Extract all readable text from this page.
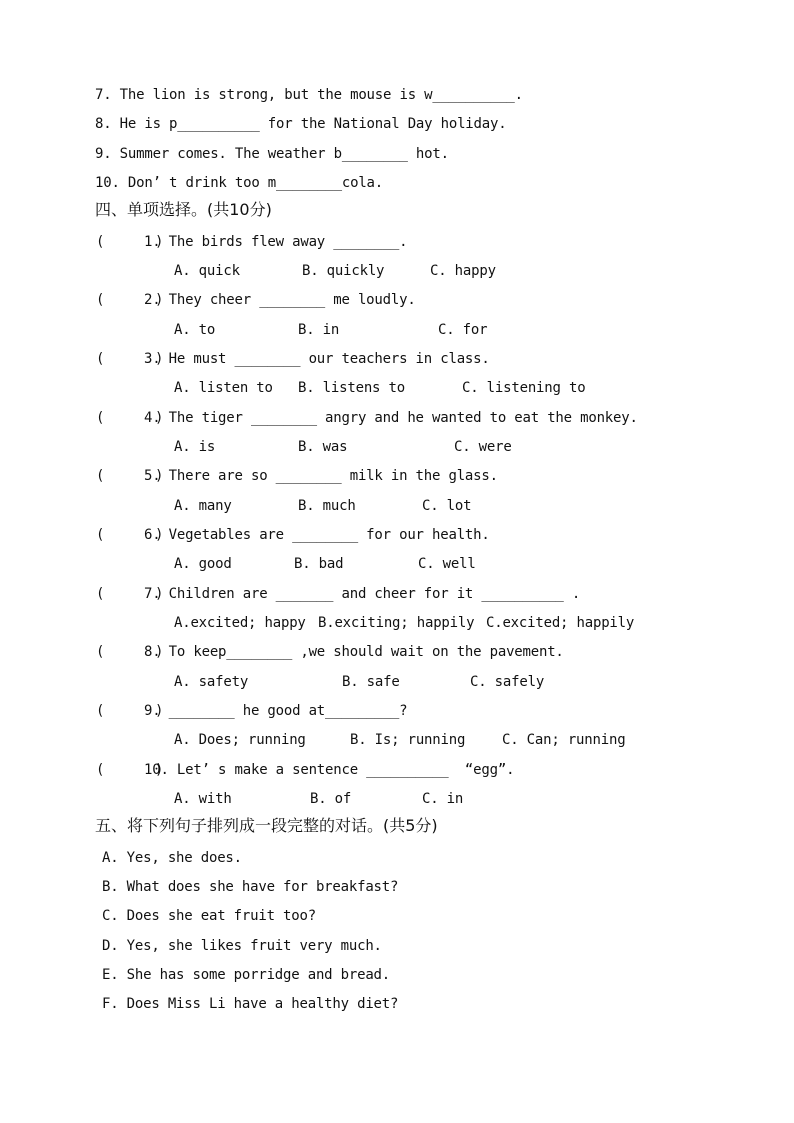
7. The lion is strong, but the mouse is w__________.
8. He is p__________ for the National Day holiday.
9. Summer comes. The weather b________ hot.
10. Don’ t drink too m________cola.
四、单项选择。(共10分)
(      )
1. The birds flew away ________.
A. quick	B. quickly	C. happy
(      )
2. They cheer ________ me loudly.
A. to	B. in	C. for
(      )
3. He must ________ our teachers in class.
A. listen to B. listens to	C. listening to
(      )
4. The tiger ________ angry and he wanted to eat the monkey.
A. is	B. was	C. were
(      )
5. There are so ________ milk in the glass.
A. many	B. much	C. lot
(      )
6. Vegetables are ________ for our health.
A. good	B. bad	C. well
(      )
7. Children are _______ and cheer for it __________ .
A.excited; happy B.exciting; happily C.excited; happily
(      )
8. To keep________ ,we should wait on the pavement.
A. safety	B. safe	C. safely
(      )
9. ________ he good at_________?
A. Does; running	B. Is; running	C. Can; running
(      )
10. Let’ s make a sentence __________  “egg”.
A. with	B. of	C. in
五、将下列句子排列成一段完整的对话。(共5分)
A. Yes, she does.
B. What does she have for breakfast?
C. Does she eat fruit too?
D. Yes, she likes fruit very much.
E. She has some porridge and bread.
F. Does Miss Li have a healthy diet?
